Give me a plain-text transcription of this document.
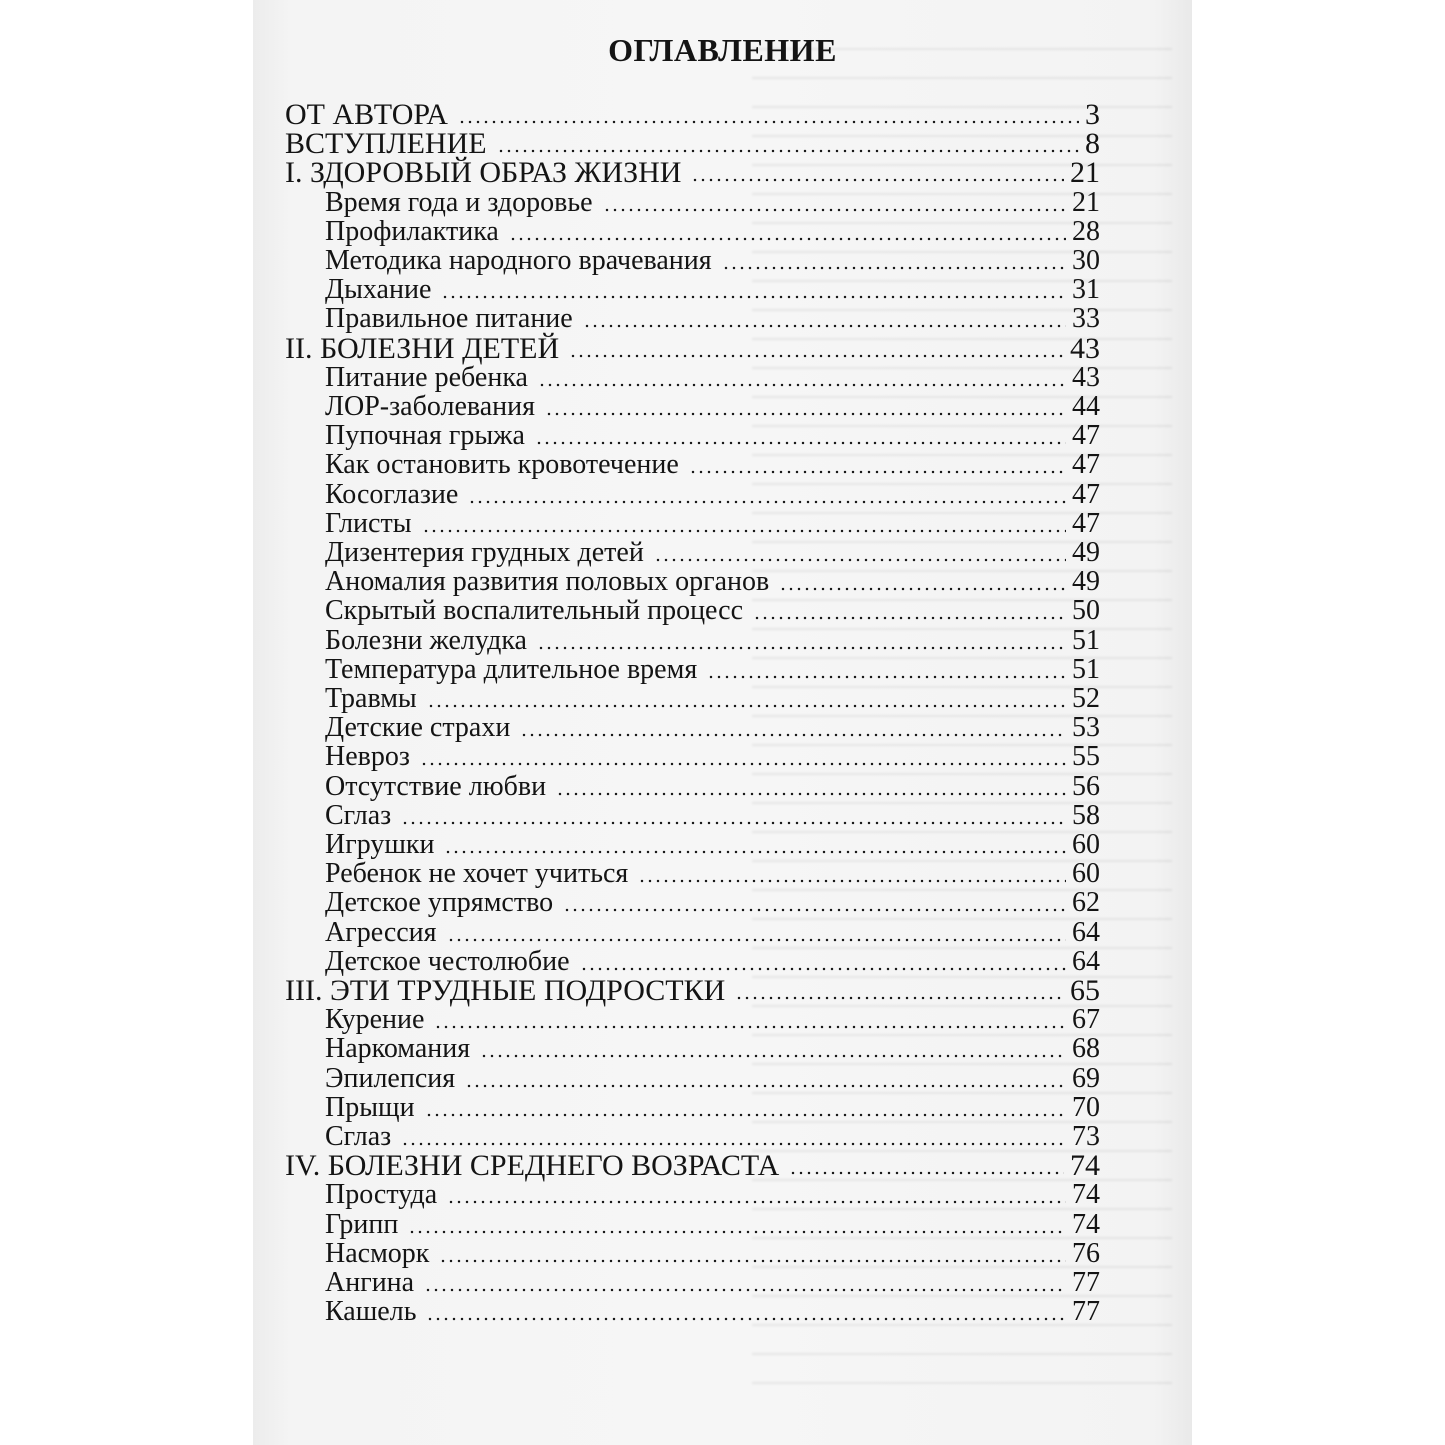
ОГЛАВЛЕНИЕ
ОТ АВТОРА	3
ВСТУПЛЕНИЕ	8
I. ЗДОРОВЫЙ ОБРАЗ ЖИЗНИ	21
Время года и здоровье	21
Профилактика	28
Методика народного врачевания	30
Дыхание	31
Правильное питание	33
II. БОЛЕЗНИ ДЕТЕЙ	43
Питание ребенка	43
ЛОР-заболевания	44
Пупочная грыжа	47
Как остановить кровотечение	47
Косоглазие	47
Глисты	47
Дизентерия грудных детей	49
Аномалия развития половых органов	49
Скрытый воспалительный процесс	50
Болезни желудка	51
Температура длительное время	51
Травмы	52
Детские страхи	53
Невроз	55
Отсутствие любви	56
Сглаз	58
Игрушки	60
Ребенок не хочет учиться	60
Детское упрямство	62
Агрессия	64
Детское честолюбие	64
III. ЭТИ ТРУДНЫЕ ПОДРОСТКИ	65
Курение	67
Наркомания	68
Эпилепсия	69
Прыщи	70
Сглаз	73
IV. БОЛЕЗНИ СРЕДНЕГО ВОЗРАСТА	74
Простуда	74
Грипп	74
Насморк	76
Ангина	77
Кашель	77
